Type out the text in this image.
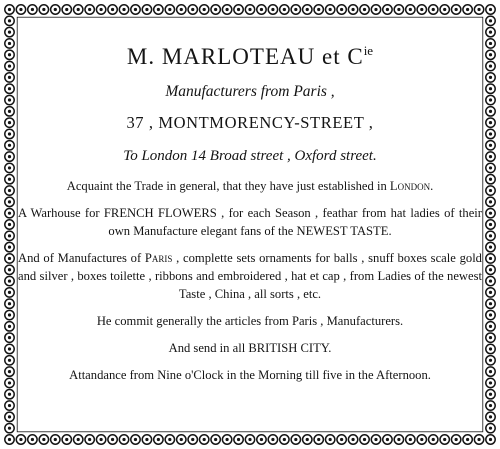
M. MARLOTEAU et $C^{ie}$
Manufacturers from Paris ,
37 , MONTMORENCY-STREET ,
To London 14 Broad street , Oxford street.

Acquaint the Trade in general, that they have just established in London.

A Warhouse for FRENCH FLOWERS , for each Season , feathar from hat ladies of their own Manufacture elegant fans of the NEWEST TASTE.

And of Manufactures of Paris , complette sets ornaments for balls , snuff boxes scale gold and silver , boxes toilette , ribbons and embroidered , hat et cap , from Ladies of the newest Taste , China , all sorts , etc.

He commit generally the articles from Paris , Manufacturers.

And send in all BRITISH CITY.

Attandance from Nine o'Clock in the Morning till five in the Afternoon.
